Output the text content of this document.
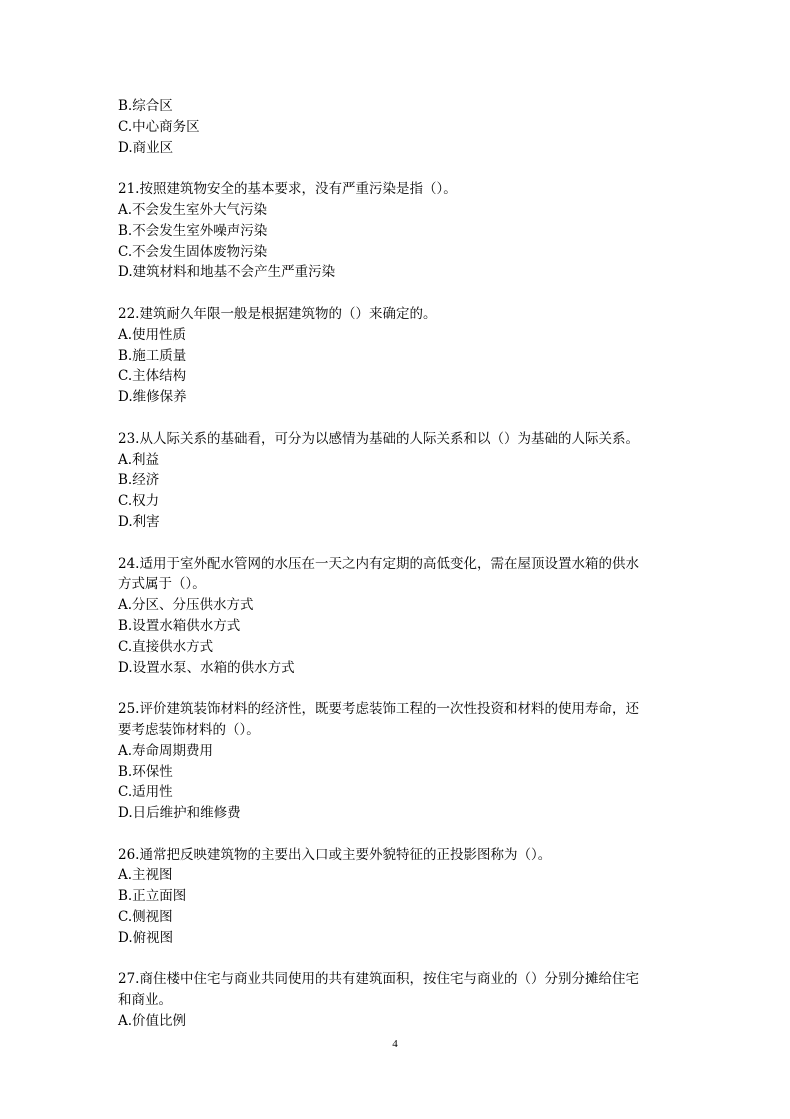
B.综合区
C.中心商务区
D.商业区
21.按照建筑物安全的基本要求，没有严重污染是指（）。
A.不会发生室外大气污染
B.不会发生室外噪声污染
C.不会发生固体废物污染
D.建筑材料和地基不会产生严重污染
22.建筑耐久年限一般是根据建筑物的（）来确定的。
A.使用性质
B.施工质量
C.主体结构
D.维修保养
23.从人际关系的基础看，可分为以感情为基础的人际关系和以（）为基础的人际关系。
A.利益
B.经济
C.权力
D.利害
24.适用于室外配水管网的水压在一天之内有定期的高低变化，需在屋顶设置水箱的供水
方式属于（）。
A.分区、分压供水方式
B.设置水箱供水方式
C.直接供水方式
D.设置水泵、水箱的供水方式
25.评价建筑装饰材料的经济性，既要考虑装饰工程的一次性投资和材料的使用寿命，还
要考虑装饰材料的（）。
A.寿命周期费用
B.环保性
C.适用性
D.日后维护和维修费
26.通常把反映建筑物的主要出入口或主要外貌特征的正投影图称为（）。
A.主视图
B.正立面图
C.侧视图
D.俯视图
27.商住楼中住宅与商业共同使用的共有建筑面积，按住宅与商业的（）分别分摊给住宅
和商业。
A.价值比例
4
